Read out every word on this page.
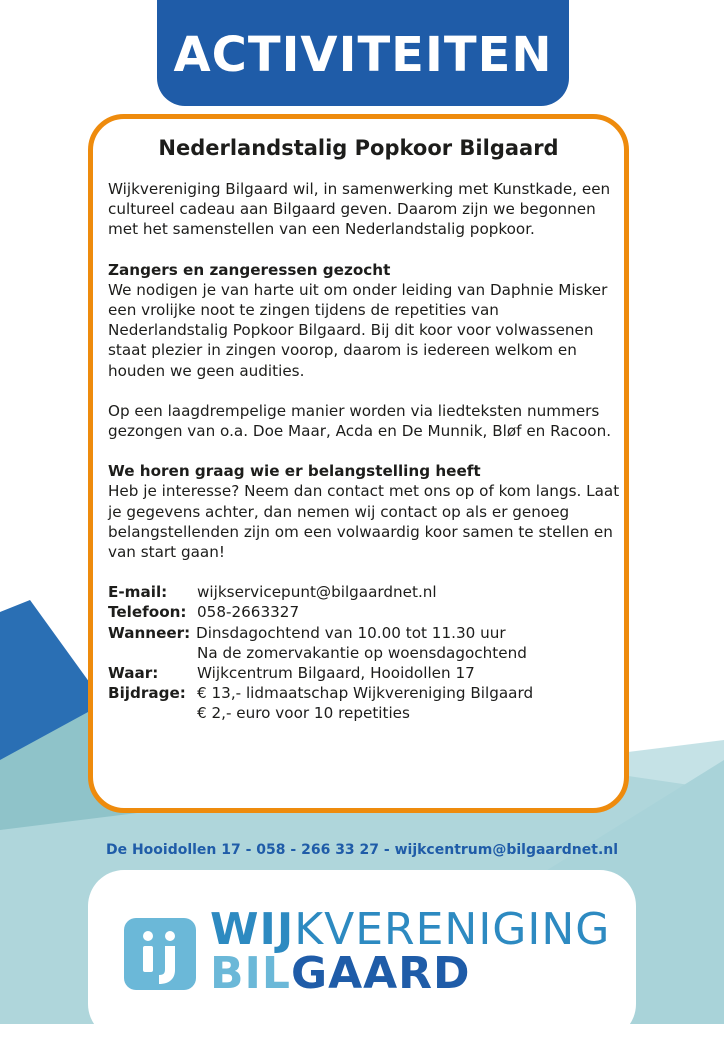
ACTIVITEITEN
Nederlandstalig Popkoor Bilgaard

Wijkvereniging Bilgaard wil, in samenwerking met Kunstkade, een cultureel cadeau aan Bilgaard geven. Daarom zijn we begonnen met het samenstellen van een Nederlandstalig popkoor.

Zangers en zangeressen gezocht

We nodigen je van harte uit om onder leiding van Daphnie Misker een vrolijke noot te zingen tijdens de repetities van Nederlandstalig Popkoor Bilgaard. Bij dit koor voor volwassenen staat plezier in zingen voorop, daarom is iedereen welkom en houden we geen audities.

Op een laagdrempelige manier worden via liedteksten nummers gezongen van o.a. Doe Maar, Acda en De Munnik, Bløf en Racoon.

We horen graag wie er belangstelling heeft

Heb je interesse? Neem dan contact met ons op of kom langs. Laat je gegevens achter, dan nemen wij contact op als er genoeg belangstellenden zijn om een volwaardig koor samen te stellen en van start gaan!

E-mail:	wijkservicepunt@bilgaardnet.nl
Telefoon: 058-2663327
Wanneer: Dinsdagochtend van 10.00 tot 11.30 uur
Na de zomervakantie op woensdagochtend
Waar:	Wijkcentrum Bilgaard, Hooidollen 17
Bijdrage: € 13,- lidmaatschap Wijkvereniging Bilgaard
€ 2,- euro voor 10 repetities
De Hooidollen 17 - 058 - 266 33 27 - wijkcentrum@bilgaardnet.nl
WIJKVERENIGING
BILGAARD
